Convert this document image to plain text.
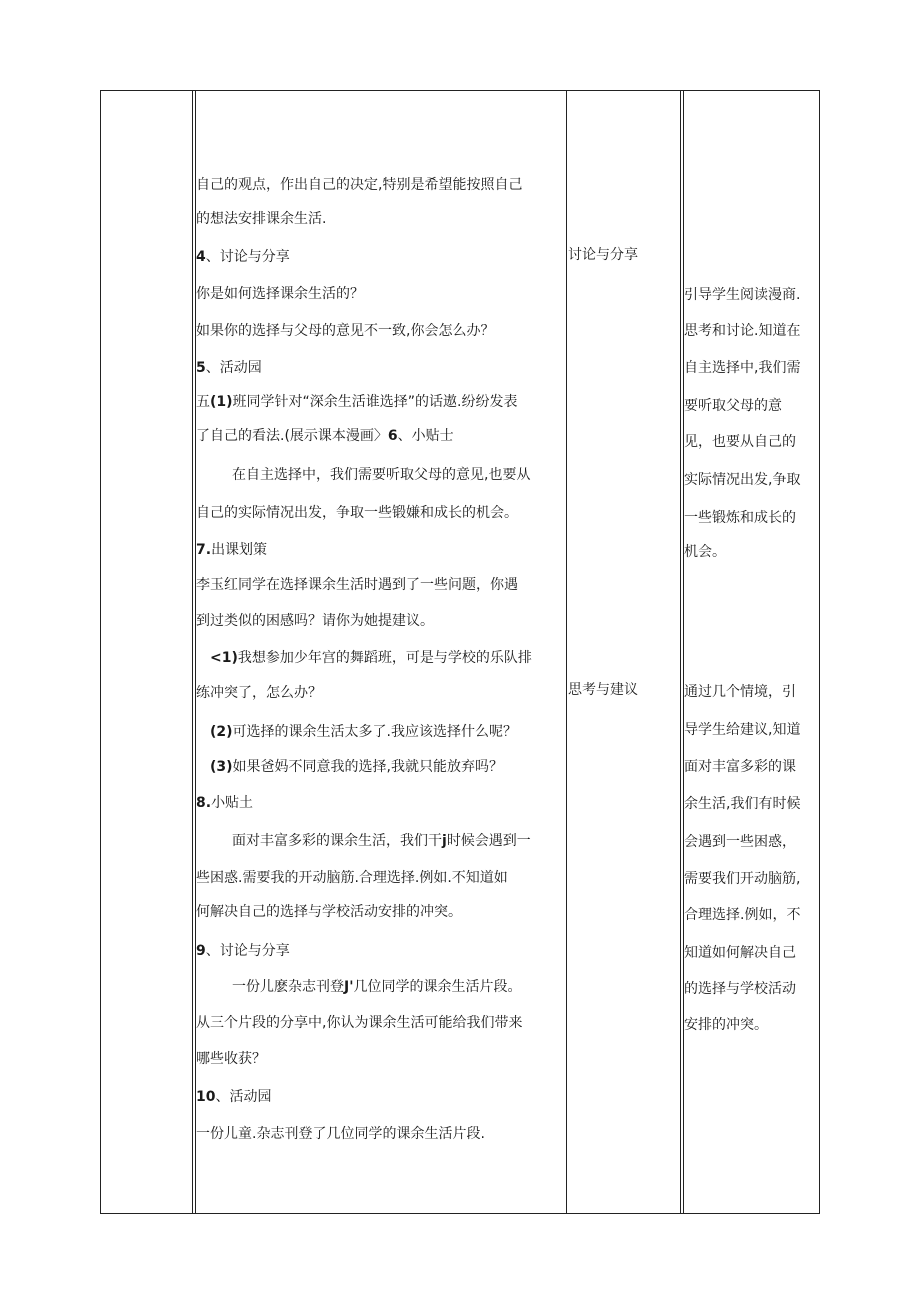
自己的观点，作出自己的决定,特别是希望能按照自己
的想法安排课余生活.
4、讨论与分享
你是如何选择课余生活的？
如果你的选择与父母的意见不一致,你会怎么办？
5、活动园
五(1)班同学针对“深余生活谁选择”的话遨.纷纷发表
了自己的看法.(展示课本漫画〉6、小贴士
在自主选择中，我们需要听取父母的意见,也要从
自己的实际情况出发，争取一些锻嫌和成长的机会。
7.出课划策
李玉红同学在选择课余生活时遇到了一些问题，你遇
到过类似的困感吗？请你为她提建议。
<1)我想参加少年宫的舞蹈班，可是与学校的乐队排
练冲突了，怎么办？
(2)可选择的课余生活太多了.我应该选择什么呢？
(3)如果爸妈不同意我的选择,我就只能放弃吗？
8.小贴土
面对丰富多彩的课余生活，我们干j时候会遇到一
些困惑.需要我的开动脑筋.合理选择.例如.不知道如
何解决自己的选择与学校活动安排的冲突。
9、讨论与分享
一份儿麽杂志刊登J'几位同学的课余生活片段。
从三个片段的分享中,你认为课余生活可能给我们带来
哪些收获？
10、活动园
一份儿童.杂志刊登了几位同学的课余生活片段.
讨论与分享
思考与建议
引导学生阅读漫商.
思考和讨论.知道在
自主选择中,我们需
要听取父母的意
见，也要从自己的
实际情况出发,争取
一些锻炼和成长的
机会。
通过几个情境，引
导学生给建议,知道
面对丰富多彩的课
余生活,我们有时候
会遇到一些困惑，
需要我们开动脑筋,
合理选择.例如，不
知道如何解决自己
的选择与学校活动
安排的冲突。
